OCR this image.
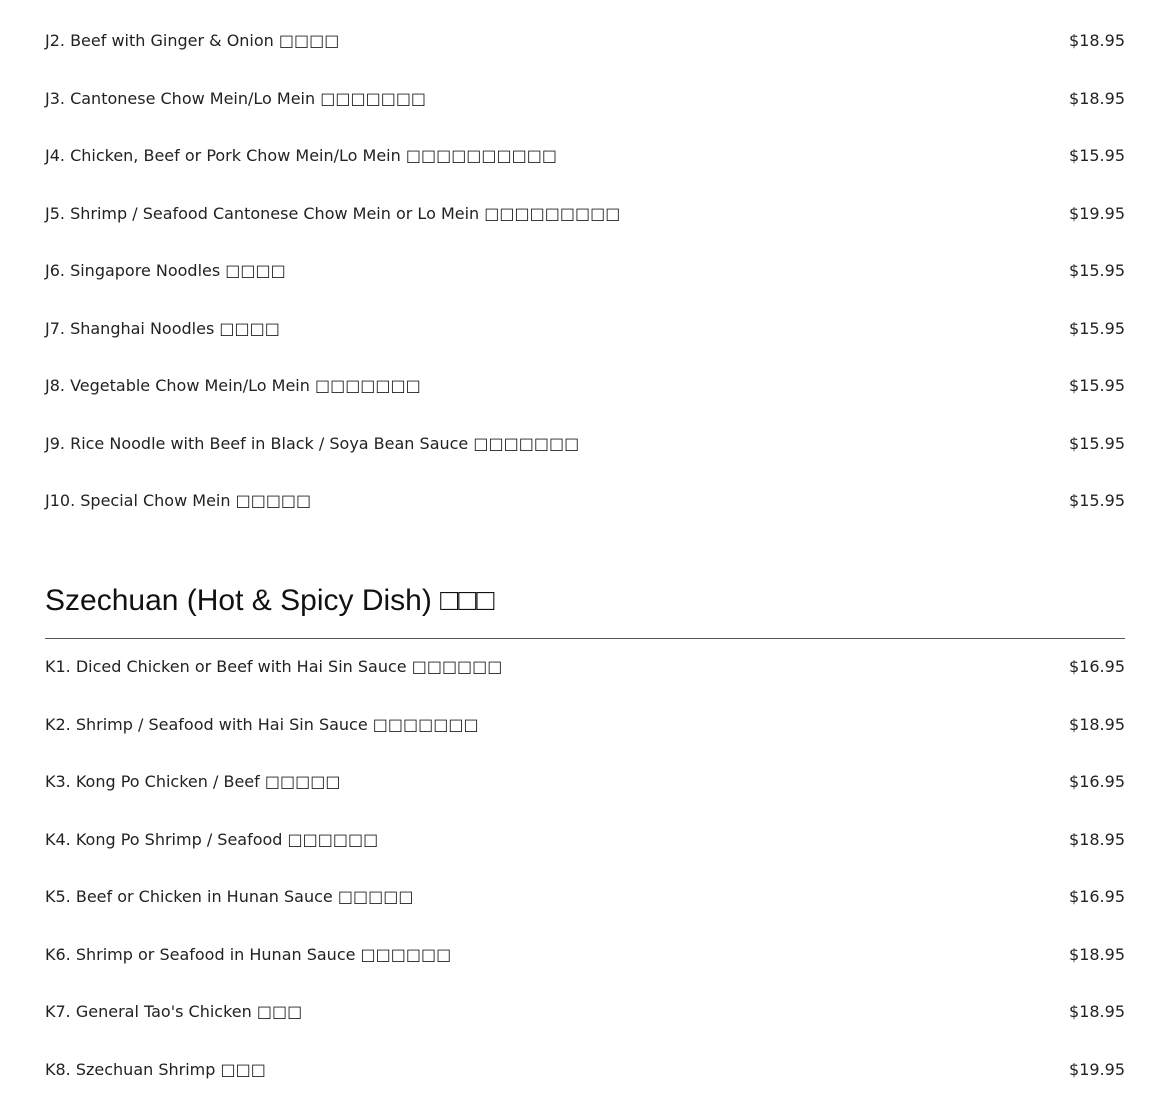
J2. Beef with Ginger & Onion □□□□	$18.95
J3. Cantonese Chow Mein/Lo Mein □□□□□□□	$18.95
J4. Chicken, Beef or Pork Chow Mein/Lo Mein □□□□□□□□□□	$15.95
J5. Shrimp / Seafood Cantonese Chow Mein or Lo Mein □□□□□□□□□	$19.95
J6. Singapore Noodles □□□□	$15.95
J7. Shanghai Noodles □□□□	$15.95
J8. Vegetable Chow Mein/Lo Mein □□□□□□□	$15.95
J9. Rice Noodle with Beef in Black / Soya Bean Sauce □□□□□□□	$15.95
J10. Special Chow Mein □□□□□	$15.95
Szechuan (Hot & Spicy Dish) □□□
K1. Diced Chicken or Beef with Hai Sin Sauce □□□□□□	$16.95
K2. Shrimp / Seafood with Hai Sin Sauce □□□□□□□	$18.95
K3. Kong Po Chicken / Beef □□□□□	$16.95
K4. Kong Po Shrimp / Seafood □□□□□□	$18.95
K5. Beef or Chicken in Hunan Sauce □□□□□	$16.95
K6. Shrimp or Seafood in Hunan Sauce □□□□□□	$18.95
K7. General Tao's Chicken □□□	$18.95
K8. Szechuan Shrimp □□□	$19.95
